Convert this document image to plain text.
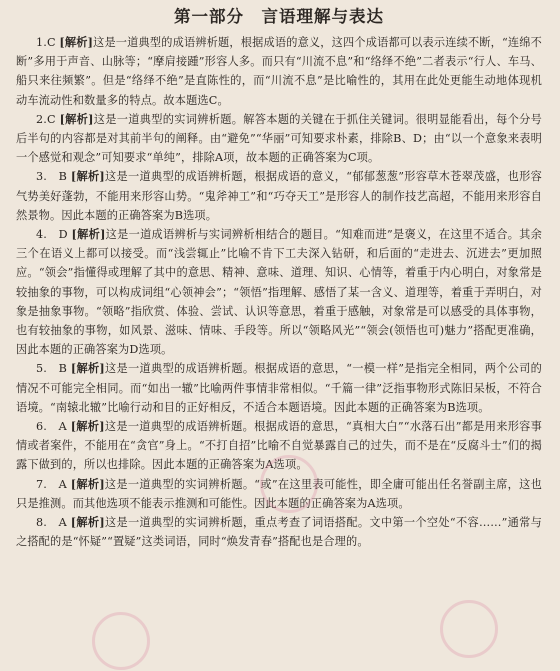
第一部分　言语理解与表达

1.C [解析]这是一道典型的成语辨析题，根据成语的意义，这四个成语都可以表示连续不断，“连绵不断”多用于声音、山脉等；“摩肩接踵”形容人多。而只有“川流不息”和“络绎不绝”二者表示“行人、车马、船只来往频繁”。但是“络绎不绝”是直陈性的，而“川流不息”是比喻性的，其用在此处更能生动地体现机动车流动性和数量多的特点。故本题选C。

2.C [解析]这是一道典型的实词辨析题。解答本题的关键在于抓住关键词。很明显能看出，每个分号后半句的内容都是对其前半句的阐释。由“避免”“华丽”可知要求朴素，排除B、D；由“以一个意象来表明一个感觉和观念”可知要求“单纯”，排除A项，故本题的正确答案为C项。

3.　B [解析]这是一道典型的成语辨析题，根据成语的意义，“郁郁葱葱”形容草木苍翠茂盛，也形容气势美好蓬勃，不能用来形容山势。“鬼斧神工”和“巧夺天工”是形容人的制作技艺高超，不能用来形容自然景物。因此本题的正确答案为B选项。

4.　D [解析]这是一道成语辨析与实词辨析相结合的题目。“知难而进”是褒义，在这里不适合。其余三个在语义上都可以接受。而“浅尝辄止”比喻不肯下工夫深入钻研，和后面的“走进去、沉进去”更加照应。“领会”指懂得或理解了其中的意思、精神、意味、道理、知识、心情等，着重于内心明白，对象常是较抽象的事物，可以构成词组“心领神会”；“领悟”指理解、感悟了某一含义、道理等，着重于弄明白，对象是抽象事物。“领略”指欣赏、体验、尝试、认识等意思，着重于感触，对象常是可以感受的具体事物，也有较抽象的事物，如风景、滋味、情味、手段等。所以“领略风光”“领会(领悟也可)魅力”搭配更准确，因此本题的正确答案为D选项。

5.　B [解析]这是一道典型的成语辨析题。根据成语的意思，“一模一样”是指完全相同，两个公司的情况不可能完全相同。而“如出一辙”比喻两件事情非常相似。“千篇一律”泛指事物形式陈旧呆板，不符合语境。“南辕北辙”比喻行动和目的正好相反，不适合本题语境。因此本题的正确答案为B选项。

6.　A [解析]这是一道典型的成语辨析题。根据成语的意思，“真相大白”“水落石出”都是用来形容事情或者案件，不能用在“贪官”身上。“不打自招”比喻不自觉暴露自己的过失，而不是在“反腐斗士”们的揭露下做到的，所以也排除。因此本题的正确答案为A选项。

7.　A [解析]这是一道典型的实词辨析题。“或”在这里表可能性，即全庸可能出任名誉副主席，这也只是推测。而其他选项不能表示推测和可能性。因此本题的正确答案为A选项。

8.　A [解析]这是一道典型的实词辨析题，重点考查了词语搭配。文中第一个空处“不容……”通常与之搭配的是“怀疑”“置疑”这类词语，同时“焕发青春”搭配也是合理的。
